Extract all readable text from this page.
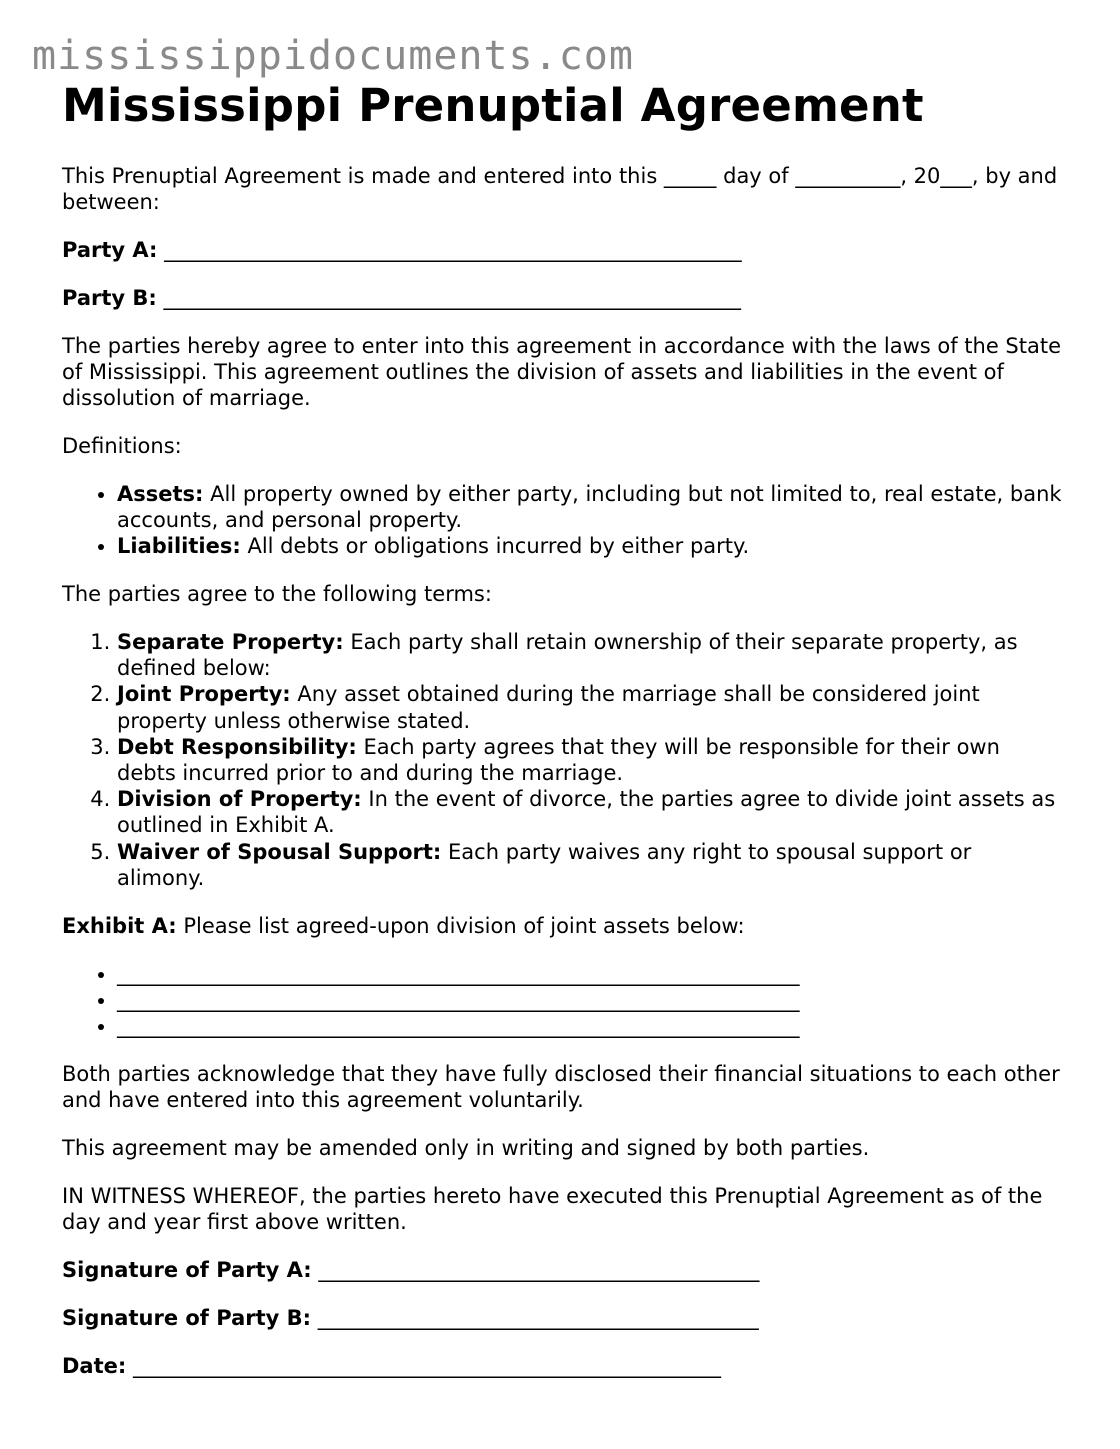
mississippidocuments.com
Mississippi Prenuptial Agreement

This Prenuptial Agreement is made and entered into this _____ day of __________, 20___, by and between:

Party A: _______________________________________________________
Party B: _______________________________________________________

The parties hereby agree to enter into this agreement in accordance with the laws of the State of Mississippi. This agreement outlines the division of assets and liabilities in the event of dissolution of marriage.

Definitions:

• Assets: All property owned by either party, including but not limited to, real estate, bank accounts, and personal property.
• Liabilities: All debts or obligations incurred by either party.

The parties agree to the following terms:

1. Separate Property: Each party shall retain ownership of their separate property, as defined below:
2. Joint Property: Any asset obtained during the marriage shall be considered joint property unless otherwise stated.
3. Debt Responsibility: Each party agrees that they will be responsible for their own debts incurred prior to and during the marriage.
4. Division of Property: In the event of divorce, the parties agree to divide joint assets as outlined in Exhibit A.
5. Waiver of Spousal Support: Each party waives any right to spousal support or alimony.

Exhibit A: Please list agreed-upon division of joint assets below:

• _________________________________________________________________
• _________________________________________________________________
• _________________________________________________________________

Both parties acknowledge that they have fully disclosed their financial situations to each other and have entered into this agreement voluntarily.

This agreement may be amended only in writing and signed by both parties.

IN WITNESS WHEREOF, the parties hereto have executed this Prenuptial Agreement as of the day and year first above written.

Signature of Party A: __________________________________________
Signature of Party B: __________________________________________
Date: ________________________________________________________
